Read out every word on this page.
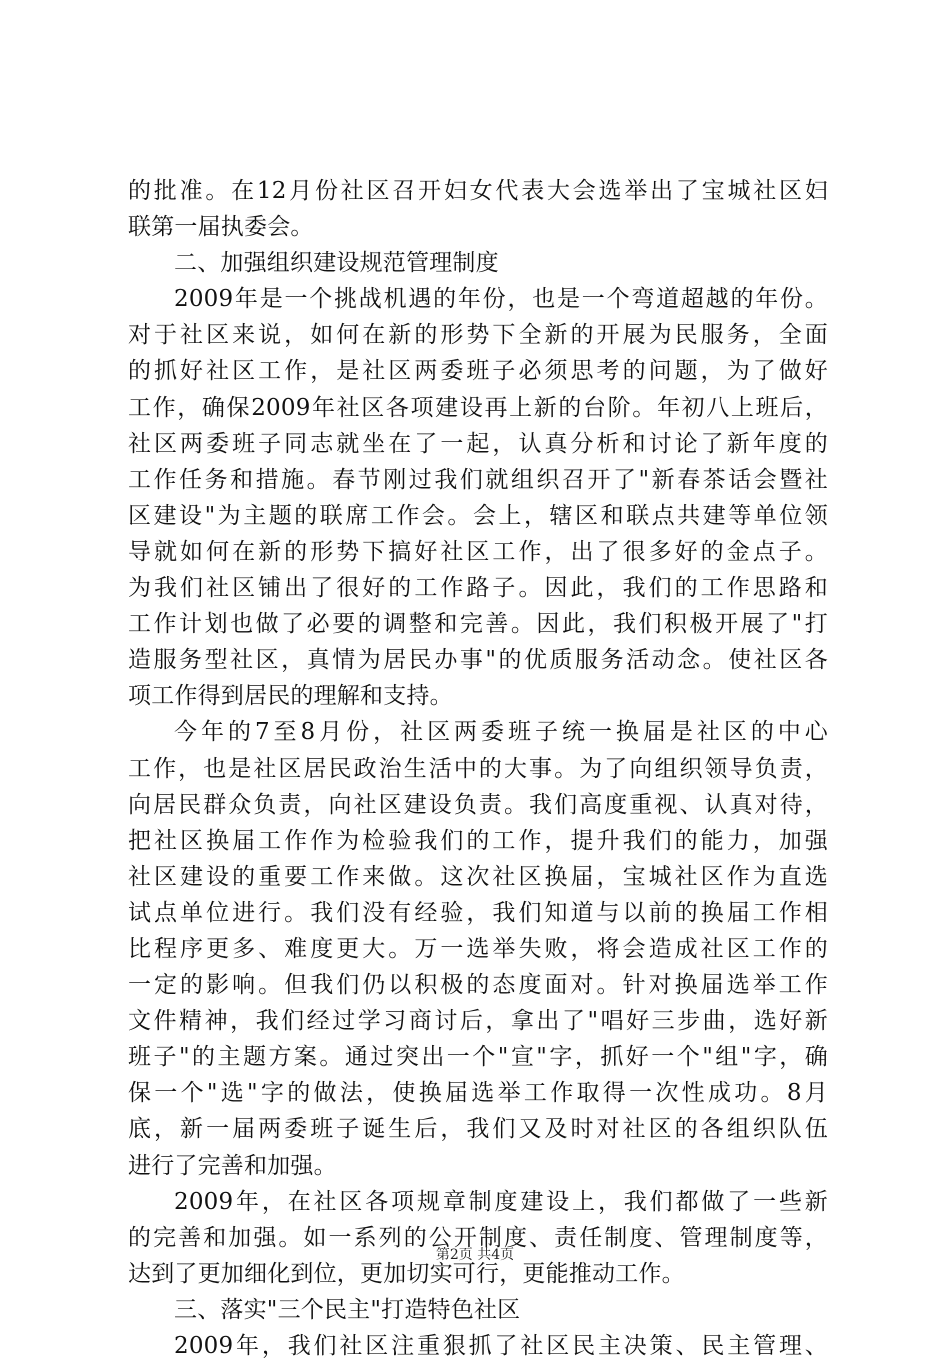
的批准。在12月份社区召开妇女代表大会选举出了宝城社区妇
联第一届执委会。
二、加强组织建设规范管理制度
2009年是一个挑战机遇的年份，也是一个弯道超越的年份。
对于社区来说，如何在新的形势下全新的开展为民服务，全面
的抓好社区工作，是社区两委班子必须思考的问题，为了做好
工作，确保2009年社区各项建设再上新的台阶。年初八上班后，
社区两委班子同志就坐在了一起，认真分析和讨论了新年度的
工作任务和措施。春节刚过我们就组织召开了"新春茶话会暨社
区建设"为主题的联席工作会。会上，辖区和联点共建等单位领
导就如何在新的形势下搞好社区工作，出了很多好的金点子。
为我们社区铺出了很好的工作路子。因此，我们的工作思路和
工作计划也做了必要的调整和完善。因此，我们积极开展了"打
造服务型社区，真情为居民办事"的优质服务活动念。使社区各
项工作得到居民的理解和支持。
今年的7至8月份，社区两委班子统一换届是社区的中心
工作，也是社区居民政治生活中的大事。为了向组织领导负责，
向居民群众负责，向社区建设负责。我们高度重视、认真对待，
把社区换届工作作为检验我们的工作，提升我们的能力，加强
社区建设的重要工作来做。这次社区换届，宝城社区作为直选
试点单位进行。我们没有经验，我们知道与以前的换届工作相
比程序更多、难度更大。万一选举失败，将会造成社区工作的
一定的影响。但我们仍以积极的态度面对。针对换届选举工作
文件精神，我们经过学习商讨后，拿出了"唱好三步曲，选好新
班子"的主题方案。通过突出一个"宣"字，抓好一个"组"字，确
保一个"选"字的做法，使换届选举工作取得一次性成功。8月
底，新一届两委班子诞生后，我们又及时对社区的各组织队伍
进行了完善和加强。
2009年，在社区各项规章制度建设上，我们都做了一些新
的完善和加强。如一系列的公开制度、责任制度、管理制度等，
达到了更加细化到位，更加切实可行，更能推动工作。
三、落实"三个民主"打造特色社区
2009年，我们社区注重狠抓了社区民主决策、民主管理、
第2页 共4页
